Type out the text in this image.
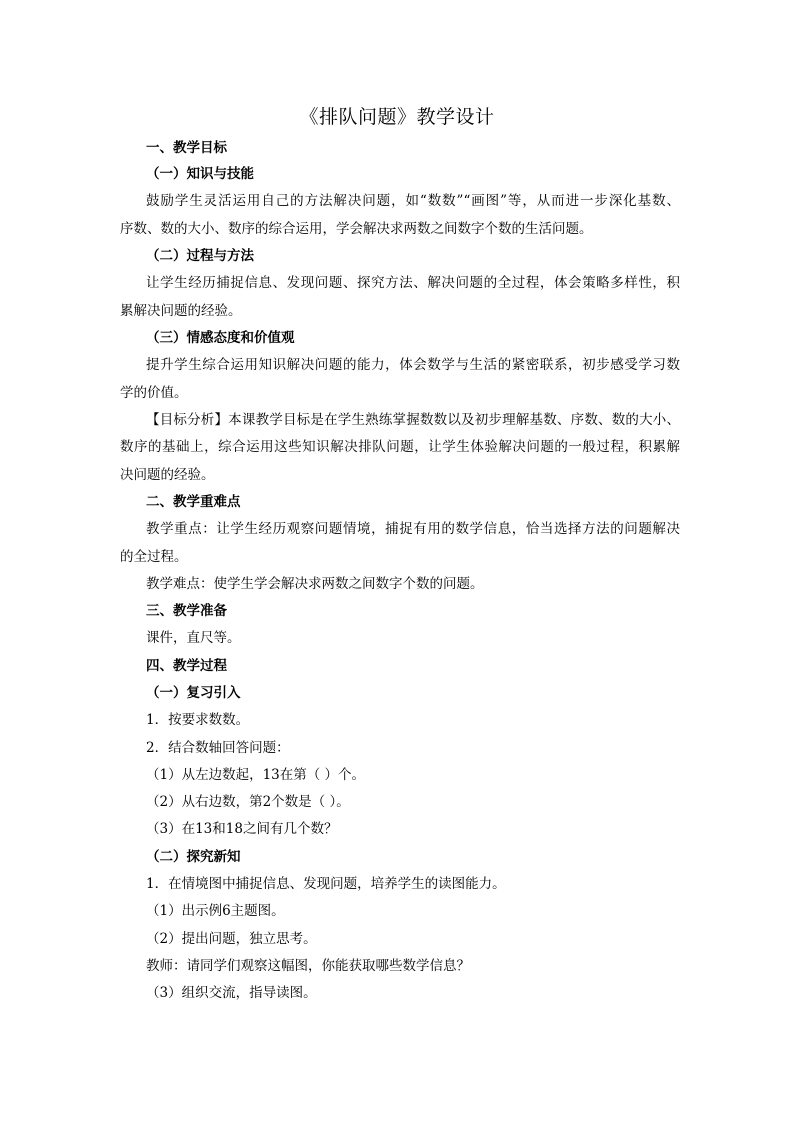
《排队问题》教学设计
一、教学目标
（一）知识与技能
鼓励学生灵活运用自己的方法解决问题，如“数数”“画图”等，从而进一步深化基数、
序数、数的大小、数序的综合运用，学会解决求两数之间数字个数的生活问题。
（二）过程与方法
让学生经历捕捉信息、发现问题、探究方法、解决问题的全过程，体会策略多样性，积
累解决问题的经验。
（三）情感态度和价值观
提升学生综合运用知识解决问题的能力，体会数学与生活的紧密联系，初步感受学习数
学的价值。
【目标分析】本课教学目标是在学生熟练掌握数数以及初步理解基数、序数、数的大小、
数序的基础上，综合运用这些知识解决排队问题，让学生体验解决问题的一般过程，积累解
决问题的经验。
二、教学重难点
教学重点：让学生经历观察问题情境，捕捉有用的数学信息，恰当选择方法的问题解决
的全过程。
教学难点：使学生学会解决求两数之间数字个数的问题。
三、教学准备
课件，直尺等。
四、教学过程
（一）复习引入
1．按要求数数。
2．结合数轴回答问题：
（1）从左边数起，13在第（ ）个。
（2）从右边数，第2个数是（ ）。
（3）在13和18之间有几个数？
（二）探究新知
1．在情境图中捕捉信息、发现问题，培养学生的读图能力。
（1）出示例6主题图。
（2）提出问题，独立思考。
教师：请同学们观察这幅图，你能获取哪些数学信息？
（3）组织交流，指导读图。
